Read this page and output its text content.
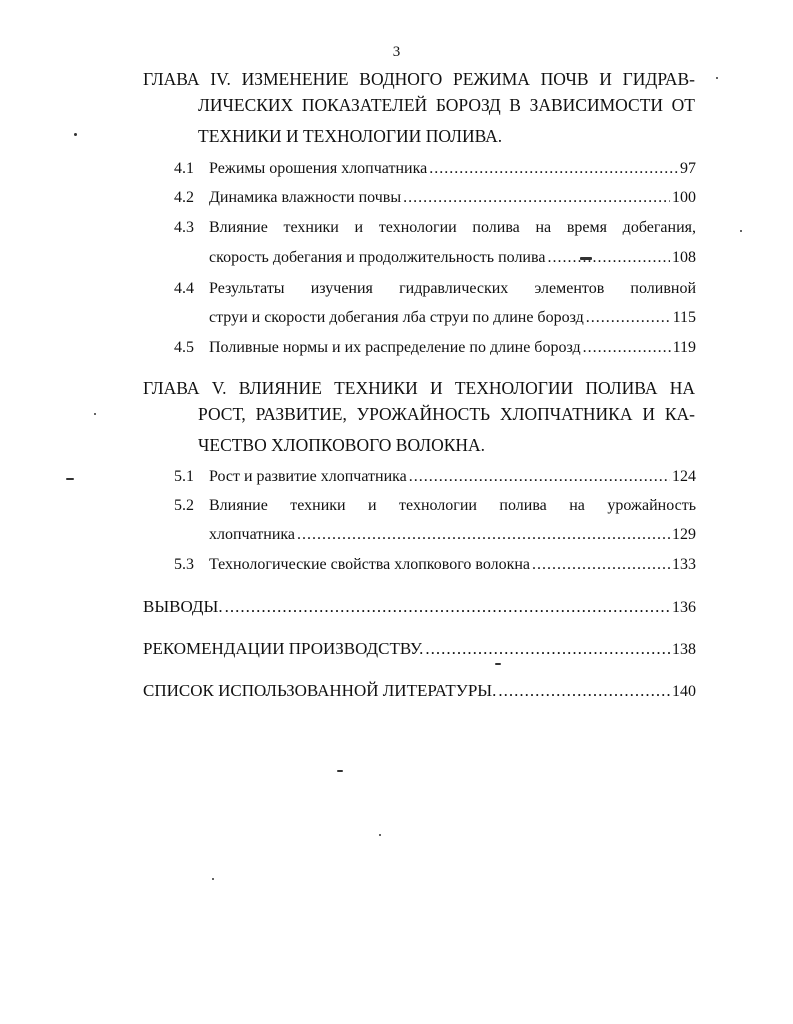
3
ГЛАВА IV. ИЗМЕНЕНИЕ ВОДНОГО РЕЖИМА ПОЧВ И ГИДРАВ-
ЛИЧЕСКИХ ПОКАЗАТЕЛЕЙ БОРОЗД В ЗАВИСИМОСТИ ОТ
ТЕХНИКИ И ТЕХНОЛОГИИ ПОЛИВА.
4.1 Режимы орошения хлопчатника .....	97
4.2 Динамика влажности почвы .....	100
4.3 Влияние техники и технологии полива на время добегания,
скорость добегания и продолжительность полива .....	108
4.4 Результаты изучения гидравлических элементов поливной
струи и скорости добегания лба струи по длине борозд .....	115
4.5 Поливные нормы и их распределение по длине борозд .....	119
ГЛАВА V. ВЛИЯНИЕ ТЕХНИКИ И ТЕХНОЛОГИИ ПОЛИВА НА
РОСТ, РАЗВИТИЕ, УРОЖАЙНОСТЬ ХЛОПЧАТНИКА И КА-
ЧЕСТВО ХЛОПКОВОГО ВОЛОКНА.
5.1 Рост и развитие хлопчатника .....	124
5.2 Влияние техники и технологии полива на урожайность
хлопчатника .....	129
5.3 Технологические свойства хлопкового волокна .....	133
ВЫВОДЫ. .....	136
РЕКОМЕНДАЦИИ ПРОИЗВОДСТВУ. .....	138
СПИСОК ИСПОЛЬЗОВАННОЙ ЛИТЕРАТУРЫ. .....	140
